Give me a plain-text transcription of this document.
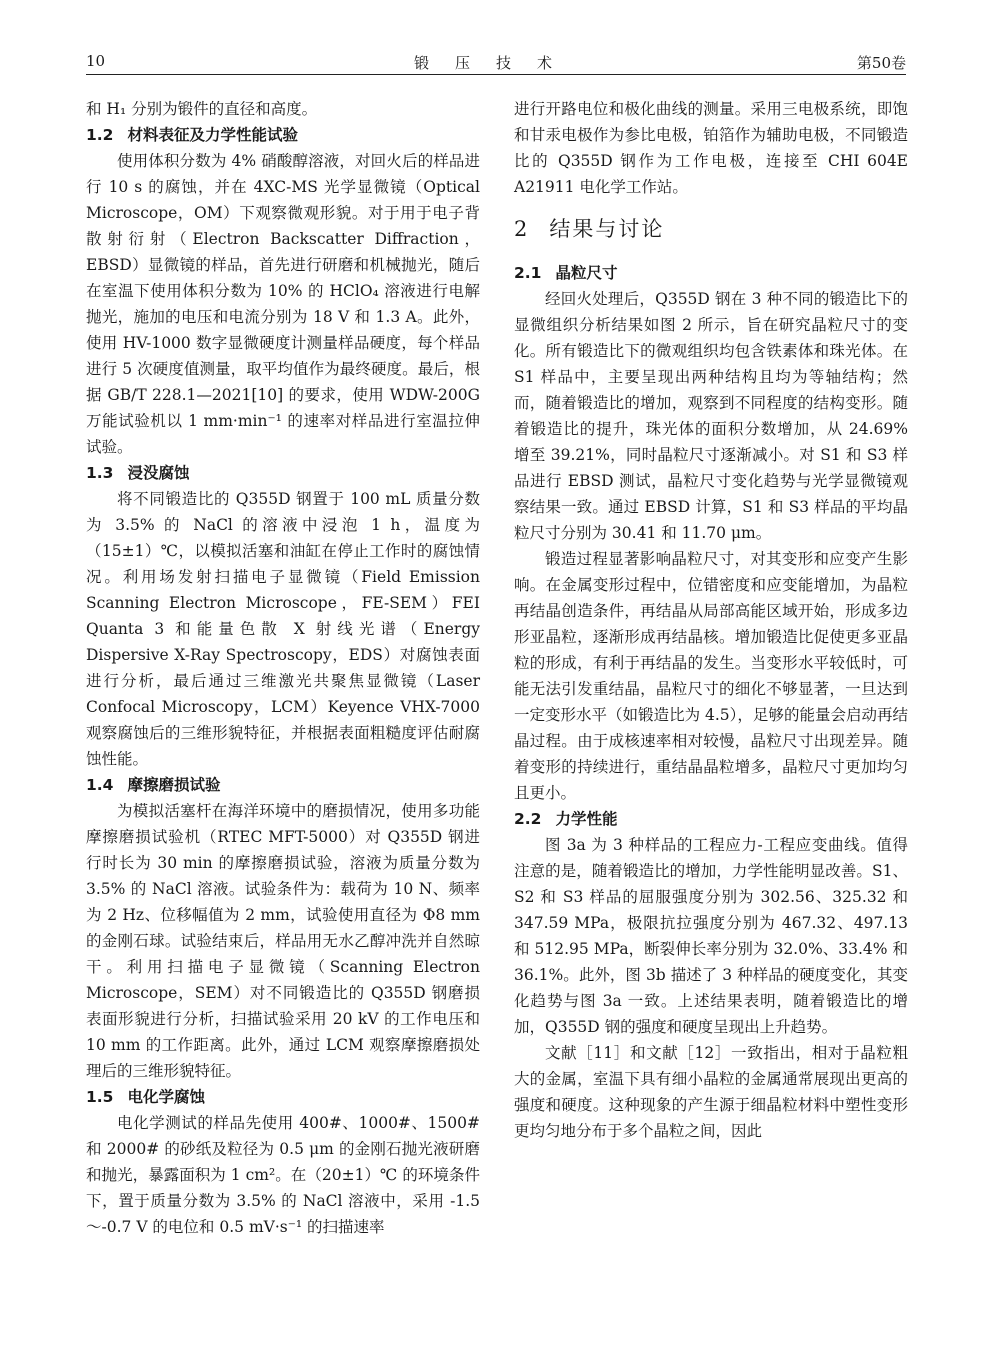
10	锻压技术	第50卷

和 H₁ 分别为锻件的直径和高度。

1.2 材料表征及力学性能试验

使用体积分数为 4% 硝酸醇溶液，对回火后的样品进行 10 s 的腐蚀，并在 4XC-MS 光学显微镜（Optical Microscope，OM）下观察微观形貌。对于用于电子背散射衍射（Electron Backscatter Diffraction，EBSD）显微镜的样品，首先进行研磨和机械抛光，随后在室温下使用体积分数为 10% 的 HClO₄ 溶液进行电解抛光，施加的电压和电流分别为 18 V 和 1.3 A。此外，使用 HV-1000 数字显微硬度计测量样品硬度，每个样品进行 5 次硬度值测量，取平均值作为最终硬度。最后，根据 GB/T 228.1—2021[10] 的要求，使用 WDW-200G 万能试验机以 1 mm·min⁻¹ 的速率对样品进行室温拉伸试验。

1.3 浸没腐蚀

将不同锻造比的 Q355D 钢置于 100 mL 质量分数为 3.5% 的 NaCl 的溶液中浸泡 1 h，温度为（15±1）℃，以模拟活塞和油缸在停止工作时的腐蚀情况。利用场发射扫描电子显微镜（Field Emission Scanning Electron Microscope，FE-SEM）FEI Quanta 3 和能量色散 X 射线光谱（Energy Dispersive X-Ray Spectroscopy，EDS）对腐蚀表面进行分析，最后通过三维激光共聚焦显微镜（Laser Confocal Microscopy，LCM）Keyence VHX-7000 观察腐蚀后的三维形貌特征，并根据表面粗糙度评估耐腐蚀性能。

1.4 摩擦磨损试验

为模拟活塞杆在海洋环境中的磨损情况，使用多功能摩擦磨损试验机（RTEC MFT-5000）对 Q355D 钢进行时长为 30 min 的摩擦磨损试验，溶液为质量分数为 3.5% 的 NaCl 溶液。试验条件为：载荷为 10 N、频率为 2 Hz、位移幅值为 2 mm，试验使用直径为 Φ8 mm 的金刚石球。试验结束后，样品用无水乙醇冲洗并自然晾干。利用扫描电子显微镜（Scanning Electron Microscope，SEM）对不同锻造比的 Q355D 钢磨损表面形貌进行分析，扫描试验采用 20 kV 的工作电压和 10 mm 的工作距离。此外，通过 LCM 观察摩擦磨损处理后的三维形貌特征。

1.5 电化学腐蚀

电化学测试的样品先使用 400#、1000#、1500# 和 2000# 的砂纸及粒径为 0.5 μm 的金刚石抛光液研磨和抛光，暴露面积为 1 cm²。在（20±1）℃ 的环境条件下，置于质量分数为 3.5% 的 NaCl 溶液中，采用 -1.5～-0.7 V 的电位和 0.5 mV·s⁻¹ 的扫描速率

进行开路电位和极化曲线的测量。采用三电极系统，即饱和甘汞电极作为参比电极，铂箔作为辅助电极，不同锻造比的 Q355D 钢作为工作电极，连接至 CHI 604E A21911 电化学工作站。

2 结果与讨论
2.1 晶粒尺寸

经回火处理后，Q355D 钢在 3 种不同的锻造比下的显微组织分析结果如图 2 所示，旨在研究晶粒尺寸的变化。所有锻造比下的微观组织均包含铁素体和珠光体。在 S1 样品中，主要呈现出两种结构且均为等轴结构；然而，随着锻造比的增加，观察到不同程度的结构变形。随着锻造比的提升，珠光体的面积分数增加，从 24.69% 增至 39.21%，同时晶粒尺寸逐渐减小。对 S1 和 S3 样品进行 EBSD 测试，晶粒尺寸变化趋势与光学显微镜观察结果一致。通过 EBSD 计算，S1 和 S3 样品的平均晶粒尺寸分别为 30.41 和 11.70 μm。

锻造过程显著影响晶粒尺寸，对其变形和应变产生影响。在金属变形过程中，位错密度和应变能增加，为晶粒再结晶创造条件，再结晶从局部高能区域开始，形成多边形亚晶粒，逐渐形成再结晶核。增加锻造比促使更多亚晶粒的形成，有利于再结晶的发生。当变形水平较低时，可能无法引发重结晶，晶粒尺寸的细化不够显著，一旦达到一定变形水平（如锻造比为 4.5），足够的能量会启动再结晶过程。由于成核速率相对较慢，晶粒尺寸出现差异。随着变形的持续进行，重结晶晶粒增多，晶粒尺寸更加均匀且更小。

2.2 力学性能

图 3a 为 3 种样品的工程应力-工程应变曲线。值得注意的是，随着锻造比的增加，力学性能明显改善。S1、S2 和 S3 样品的屈服强度分别为 302.56、325.32 和 347.59 MPa，极限抗拉强度分别为 467.32、497.13 和 512.95 MPa，断裂伸长率分别为 32.0%、33.4% 和 36.1%。此外，图 3b 描述了 3 种样品的硬度变化，其变化趋势与图 3a 一致。上述结果表明，随着锻造比的增加，Q355D 钢的强度和硬度呈现出上升趋势。

文献［11］和文献［12］一致指出，相对于晶粒粗大的金属，室温下具有细小晶粒的金属通常展现出更高的强度和硬度。这种现象的产生源于细晶粒材料中塑性变形更均匀地分布于多个晶粒之间，因此
